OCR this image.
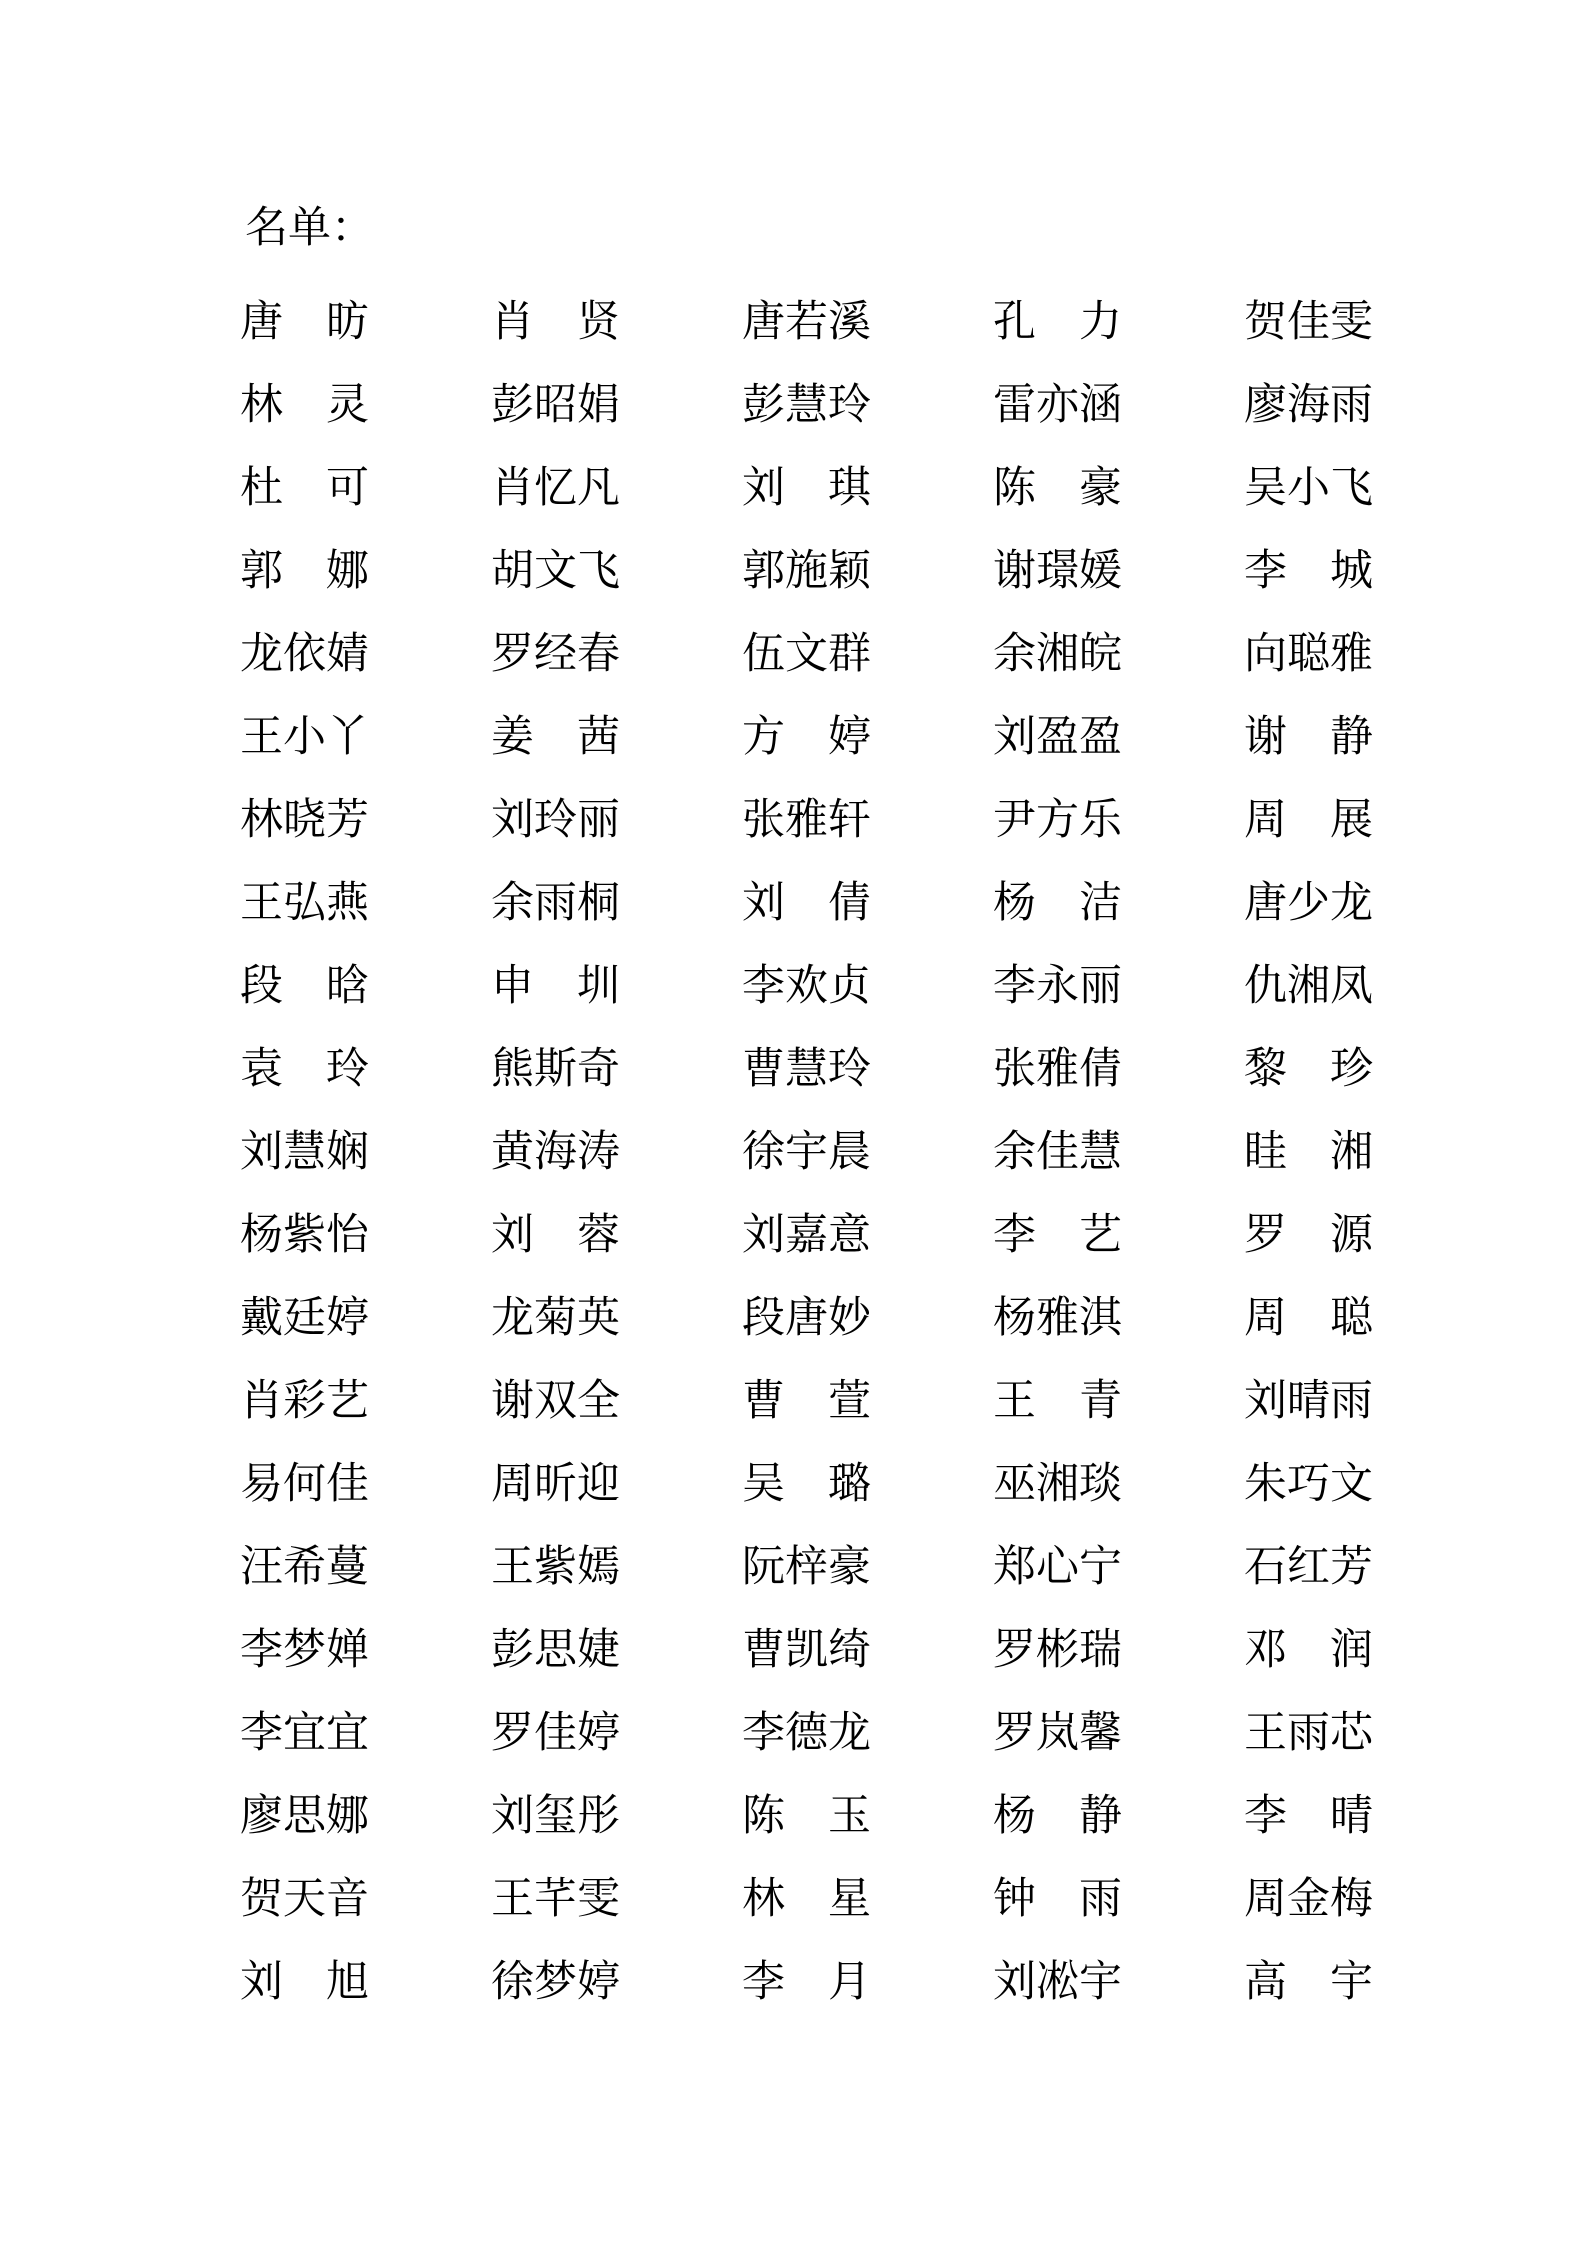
名单：
唐　昉	肖　贤	唐若溪	孔　力	贺佳雯
林　灵	彭昭娟	彭慧玲	雷亦涵	廖海雨
杜　可	肖忆凡	刘　琪	陈　豪	吴小飞
郭　娜	胡文飞	郭施颖	谢璟媛	李　城
龙依婧	罗经春	伍文群	余湘皖	向聪雅
王小丫	姜　茜	方　婷	刘盈盈	谢　静
林晓芳	刘玲丽	张雅轩	尹方乐	周　展
王弘燕	余雨桐	刘　倩	杨　洁	唐少龙
段　晗	申　圳	李欢贞	李永丽	仇湘凤
袁　玲	熊斯奇	曹慧玲	张雅倩	黎　珍
刘慧娴	黄海涛	徐宇晨	余佳慧	眭　湘
杨紫怡	刘　蓉	刘嘉意	李　艺	罗　源
戴廷婷	龙菊英	段唐妙	杨雅淇	周　聪
肖彩艺	谢双全	曹　萱	王　青	刘晴雨
易何佳	周昕迎	吴　璐	巫湘琰	朱巧文
汪希蔓	王紫嫣	阮梓豪	郑心宁	石红芳
李梦婵	彭思婕	曹凯绮	罗彬瑞	邓　润
李宜宜	罗佳婷	李德龙	罗岚馨	王雨芯
廖思娜	刘玺彤	陈　玉	杨　静	李　晴
贺天音	王芊雯	林　星	钟　雨	周金梅
刘　旭	徐梦婷	李　月	刘凇宇	高　宇
